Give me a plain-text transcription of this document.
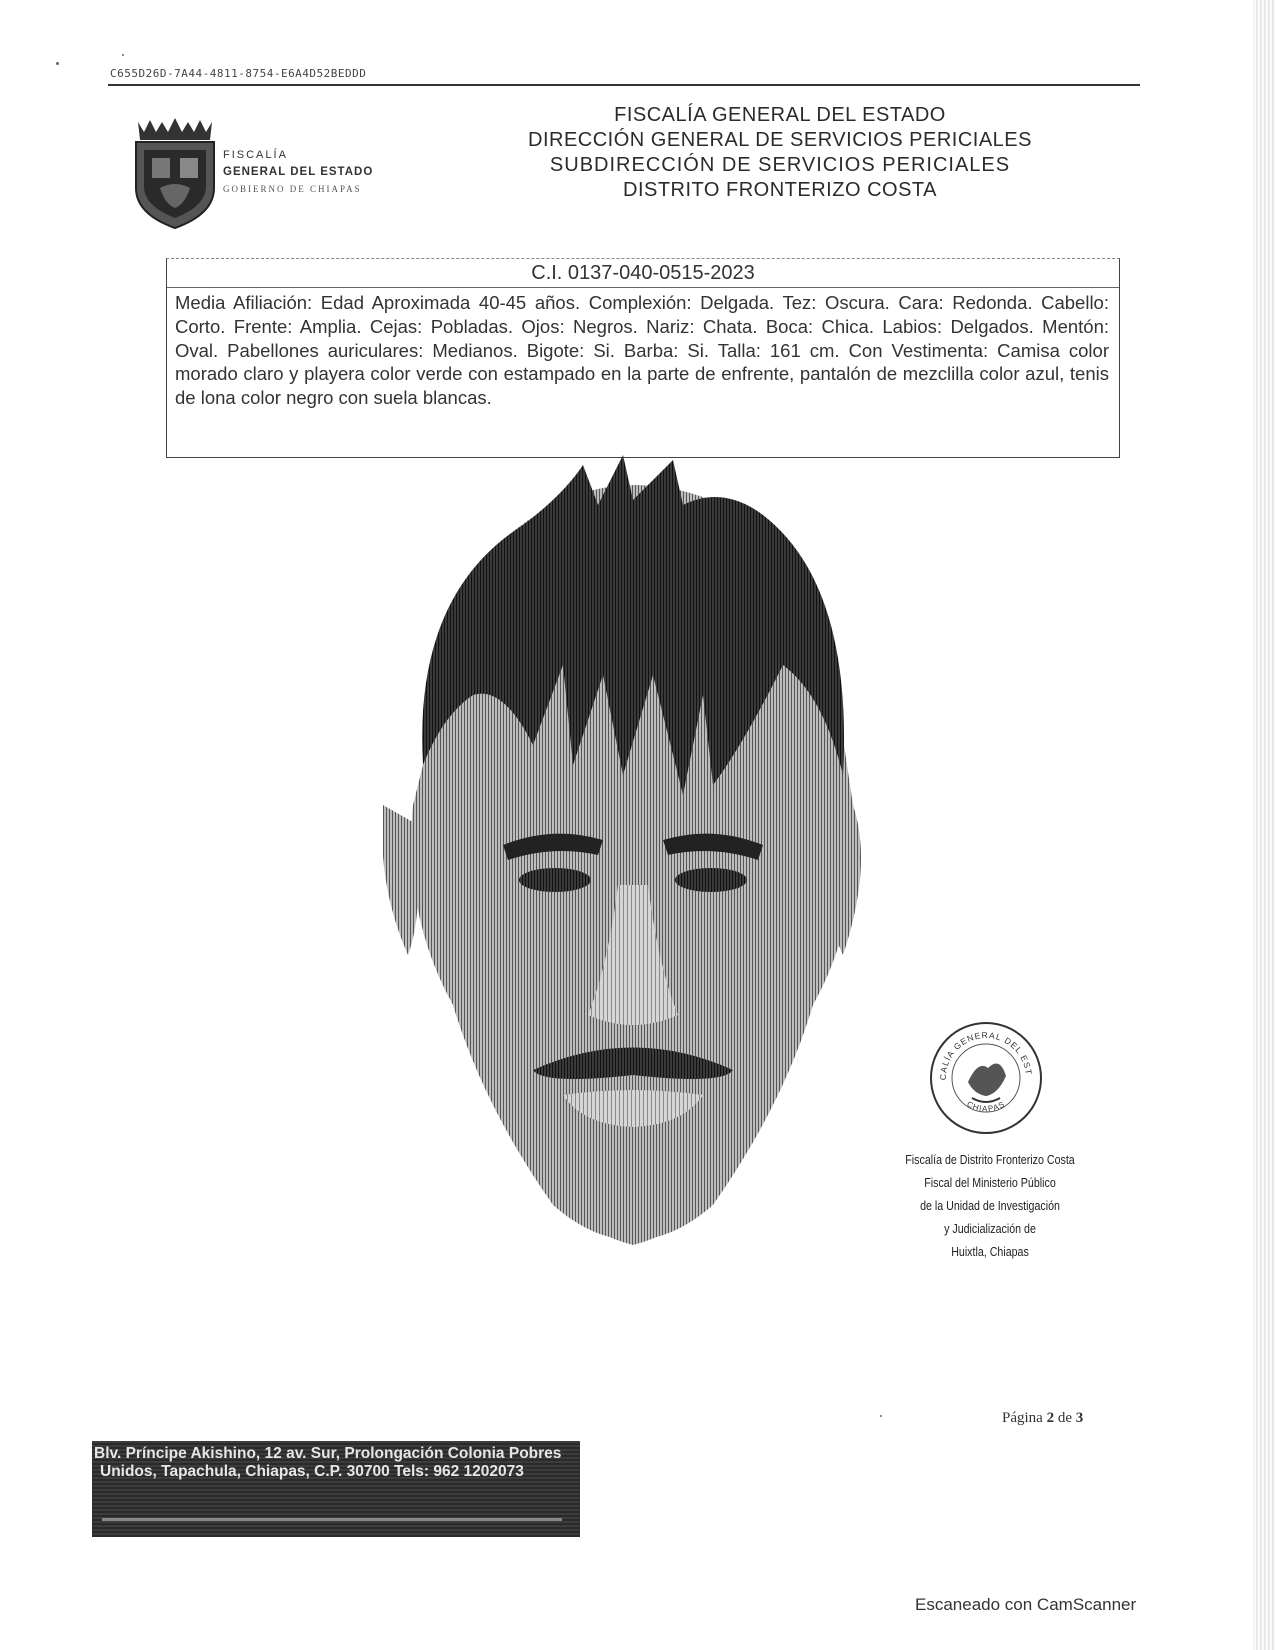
C655D26D-7A44-4811-8754-E6A4D52BEDDD
FISCALÍA
GENERAL DEL ESTADO
GOBIERNO DE CHIAPAS
FISCALÍA GENERAL DEL ESTADO
DIRECCIÓN GENERAL DE SERVICIOS PERICIALES
SUBDIRECCIÓN DE SERVICIOS PERICIALES
DISTRITO FRONTERIZO COSTA
C.I. 0137-040-0515-2023
Media Afiliación: Edad Aproximada 40-45 años. Complexión: Delgada. Tez: Oscura. Cara: Redonda. Cabello: Corto. Frente: Amplia. Cejas: Pobladas. Ojos: Negros. Nariz: Chata. Boca: Chica. Labios: Delgados. Mentón: Oval. Pabellones auriculares: Medianos. Bigote: Si. Barba: Si. Talla: 161 cm. Con Vestimenta: Camisa color morado claro y playera color verde con estampado en la parte de enfrente, pantalón de mezclilla color azul, tenis de lona color negro con suela blancas.
CALÍA GENERAL DEL EST
CHIAPAS
Fiscalía de Distrito Fronterizo Costa
Fiscal del Ministerio Público
de la Unidad de Investigación
y Judicialización de
Huixtla, Chiapas
Página 2 de 3
Blv. Príncipe Akishino, 12 av. Sur, Prolongación Colonia Pobres
Unidos, Tapachula, Chiapas, C.P. 30700 Tels: 962 1202073
Escaneado con CamScanner
